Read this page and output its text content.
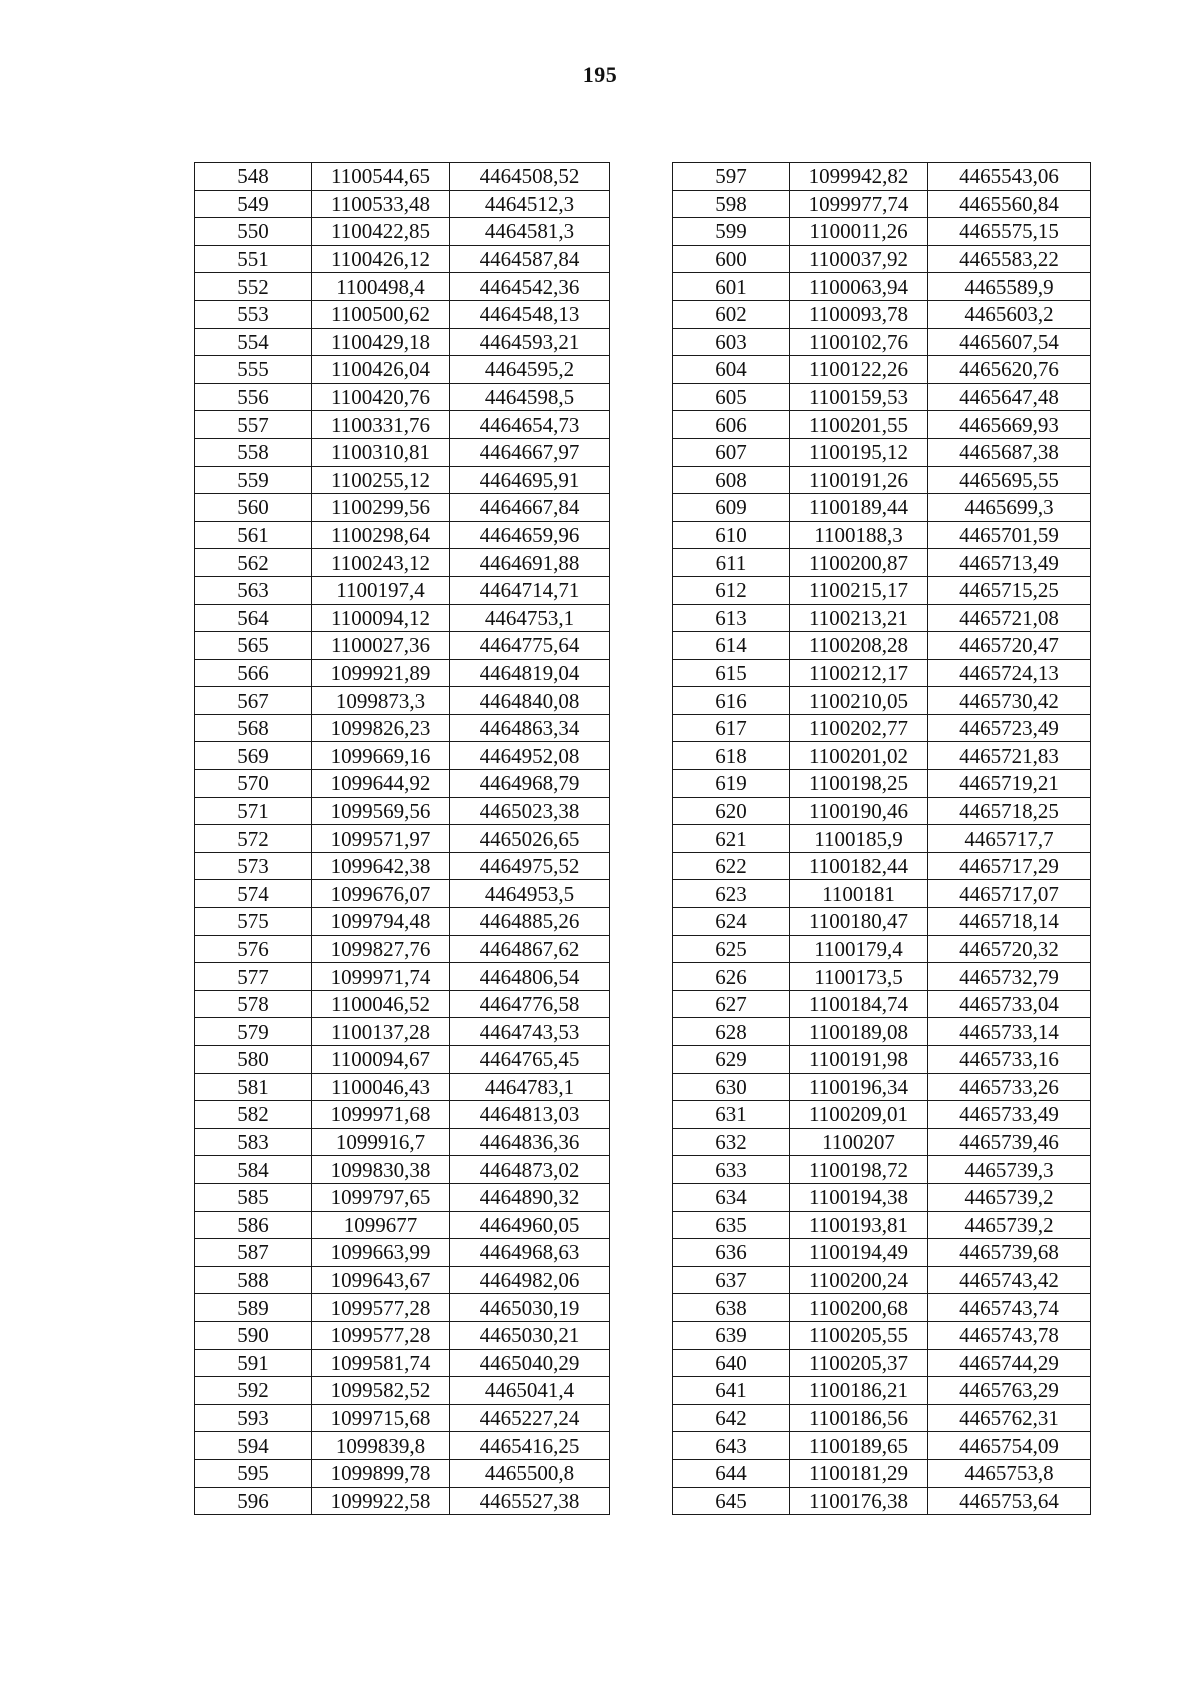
195
548	1100544,65	4464508,52
549	1100533,48	4464512,3
550	1100422,85	4464581,3
551	1100426,12	4464587,84
552	1100498,4	4464542,36
553	1100500,62	4464548,13
554	1100429,18	4464593,21
555	1100426,04	4464595,2
556	1100420,76	4464598,5
557	1100331,76	4464654,73
558	1100310,81	4464667,97
559	1100255,12	4464695,91
560	1100299,56	4464667,84
561	1100298,64	4464659,96
562	1100243,12	4464691,88
563	1100197,4	4464714,71
564	1100094,12	4464753,1
565	1100027,36	4464775,64
566	1099921,89	4464819,04
567	1099873,3	4464840,08
568	1099826,23	4464863,34
569	1099669,16	4464952,08
570	1099644,92	4464968,79
571	1099569,56	4465023,38
572	1099571,97	4465026,65
573	1099642,38	4464975,52
574	1099676,07	4464953,5
575	1099794,48	4464885,26
576	1099827,76	4464867,62
577	1099971,74	4464806,54
578	1100046,52	4464776,58
579	1100137,28	4464743,53
580	1100094,67	4464765,45
581	1100046,43	4464783,1
582	1099971,68	4464813,03
583	1099916,7	4464836,36
584	1099830,38	4464873,02
585	1099797,65	4464890,32
586	1099677	4464960,05
587	1099663,99	4464968,63
588	1099643,67	4464982,06
589	1099577,28	4465030,19
590	1099577,28	4465030,21
591	1099581,74	4465040,29
592	1099582,52	4465041,4
593	1099715,68	4465227,24
594	1099839,8	4465416,25
595	1099899,78	4465500,8
596	1099922,58	4465527,38
597	1099942,82	4465543,06
598	1099977,74	4465560,84
599	1100011,26	4465575,15
600	1100037,92	4465583,22
601	1100063,94	4465589,9
602	1100093,78	4465603,2
603	1100102,76	4465607,54
604	1100122,26	4465620,76
605	1100159,53	4465647,48
606	1100201,55	4465669,93
607	1100195,12	4465687,38
608	1100191,26	4465695,55
609	1100189,44	4465699,3
610	1100188,3	4465701,59
611	1100200,87	4465713,49
612	1100215,17	4465715,25
613	1100213,21	4465721,08
614	1100208,28	4465720,47
615	1100212,17	4465724,13
616	1100210,05	4465730,42
617	1100202,77	4465723,49
618	1100201,02	4465721,83
619	1100198,25	4465719,21
620	1100190,46	4465718,25
621	1100185,9	4465717,7
622	1100182,44	4465717,29
623	1100181	4465717,07
624	1100180,47	4465718,14
625	1100179,4	4465720,32
626	1100173,5	4465732,79
627	1100184,74	4465733,04
628	1100189,08	4465733,14
629	1100191,98	4465733,16
630	1100196,34	4465733,26
631	1100209,01	4465733,49
632	1100207	4465739,46
633	1100198,72	4465739,3
634	1100194,38	4465739,2
635	1100193,81	4465739,2
636	1100194,49	4465739,68
637	1100200,24	4465743,42
638	1100200,68	4465743,74
639	1100205,55	4465743,78
640	1100205,37	4465744,29
641	1100186,21	4465763,29
642	1100186,56	4465762,31
643	1100189,65	4465754,09
644	1100181,29	4465753,8
645	1100176,38	4465753,64
